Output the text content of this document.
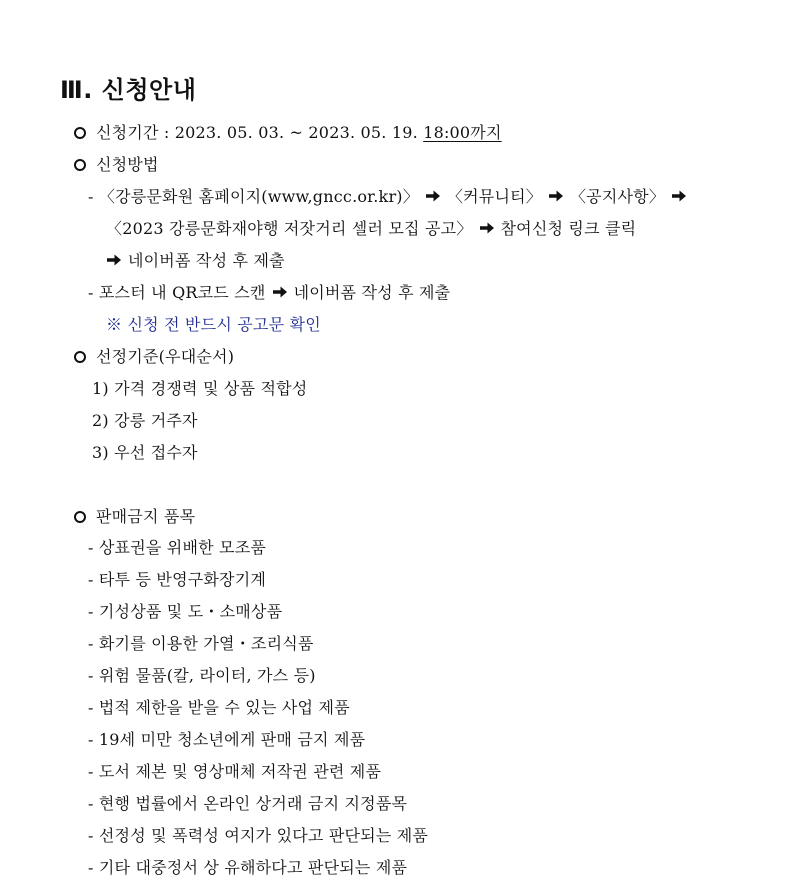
Ⅲ. 신청안내
신청기간 : 2023. 05. 03. ~ 2023. 05. 19. 18:00까지
신청방법
- 〈강릉문화원 홈페이지(www,gncc.or.kr)〉 〈커뮤니티〉 〈공지사항〉
〈2023 강릉문화재야행 저잣거리 셀러 모집 공고〉 참여신청 링크 클릭
네이버폼 작성 후 제출
- 포스터 내 QR코드 스캔 네이버폼 작성 후 제출
※ 신청 전 반드시 공고문 확인
선정기준(우대순서)
1) 가격 경쟁력 및 상품 적합성
2) 강릉 거주자
3) 우선 접수자
판매금지 품목
- 상표권을 위배한 모조품
- 타투 등 반영구화장기계
- 기성상품 및 도・소매상품
- 화기를 이용한 가열・조리식품
- 위험 물품(칼, 라이터, 가스 등)
- 법적 제한을 받을 수 있는 사업 제품
- 19세 미만 청소년에게 판매 금지 제품
- 도서 제본 및 영상매체 저작권 관련 제품
- 현행 법률에서 온라인 상거래 금지 지정품목
- 선정성 및 폭력성 여지가 있다고 판단되는 제품
- 기타 대중정서 상 유해하다고 판단되는 제품
